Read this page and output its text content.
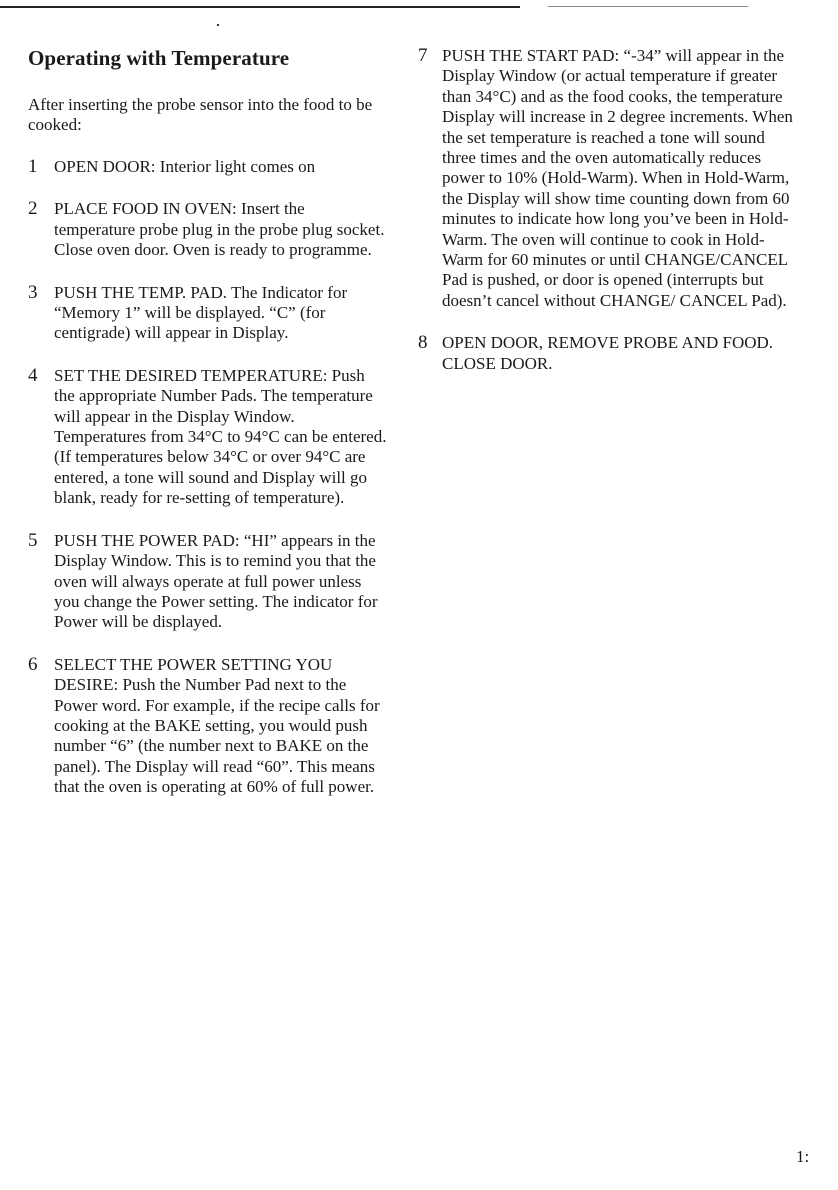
Operating with Temperature

After inserting the probe sensor into the food to be cooked:

1 OPEN DOOR: Interior light comes on
2 PLACE FOOD IN OVEN: Insert the temperature probe plug in the probe plug socket. Close oven door. Oven is ready to programme.
3 PUSH THE TEMP. PAD. The Indicator for “Memory 1” will be displayed. “C” (for centigrade) will appear in Display.
4 SET THE DESIRED TEMPERATURE: Push the appropriate Number Pads. The temperature will appear in the Display Window. Temperatures from 34°C to 94°C can be entered. (If temperatures below 34°C or over 94°C are entered, a tone will sound and Display will go blank, ready for re-setting of temperature).
5 PUSH THE POWER PAD: “HI” appears in the Display Window. This is to remind you that the oven will always operate at full power unless you change the Power setting. The indicator for Power will be displayed.
6 SELECT THE POWER SETTING YOU DESIRE: Push the Number Pad next to the Power word. For example, if the recipe calls for cooking at the BAKE setting, you would push number “6” (the number next to BAKE on the panel). The Display will read “60”. This means that the oven is operating at 60% of full power.
7 PUSH THE START PAD: “-34” will appear in the Display Window (or actual temperature if greater than 34°C) and as the food cooks, the temperature Display will increase in 2 degree increments. When the set temperature is reached a tone will sound three times and the oven automatically reduces power to 10% (Hold-Warm). When in Hold-Warm, the Display will show time counting down from 60 minutes to indicate how long you’ve been in Hold-Warm. The oven will continue to cook in Hold-Warm for 60 minutes or until CHANGE/CANCEL Pad is pushed, or door is opened (interrupts but doesn’t cancel without CHANGE/ CANCEL Pad).
8 OPEN DOOR, REMOVE PROBE AND FOOD. CLOSE DOOR.
1:
